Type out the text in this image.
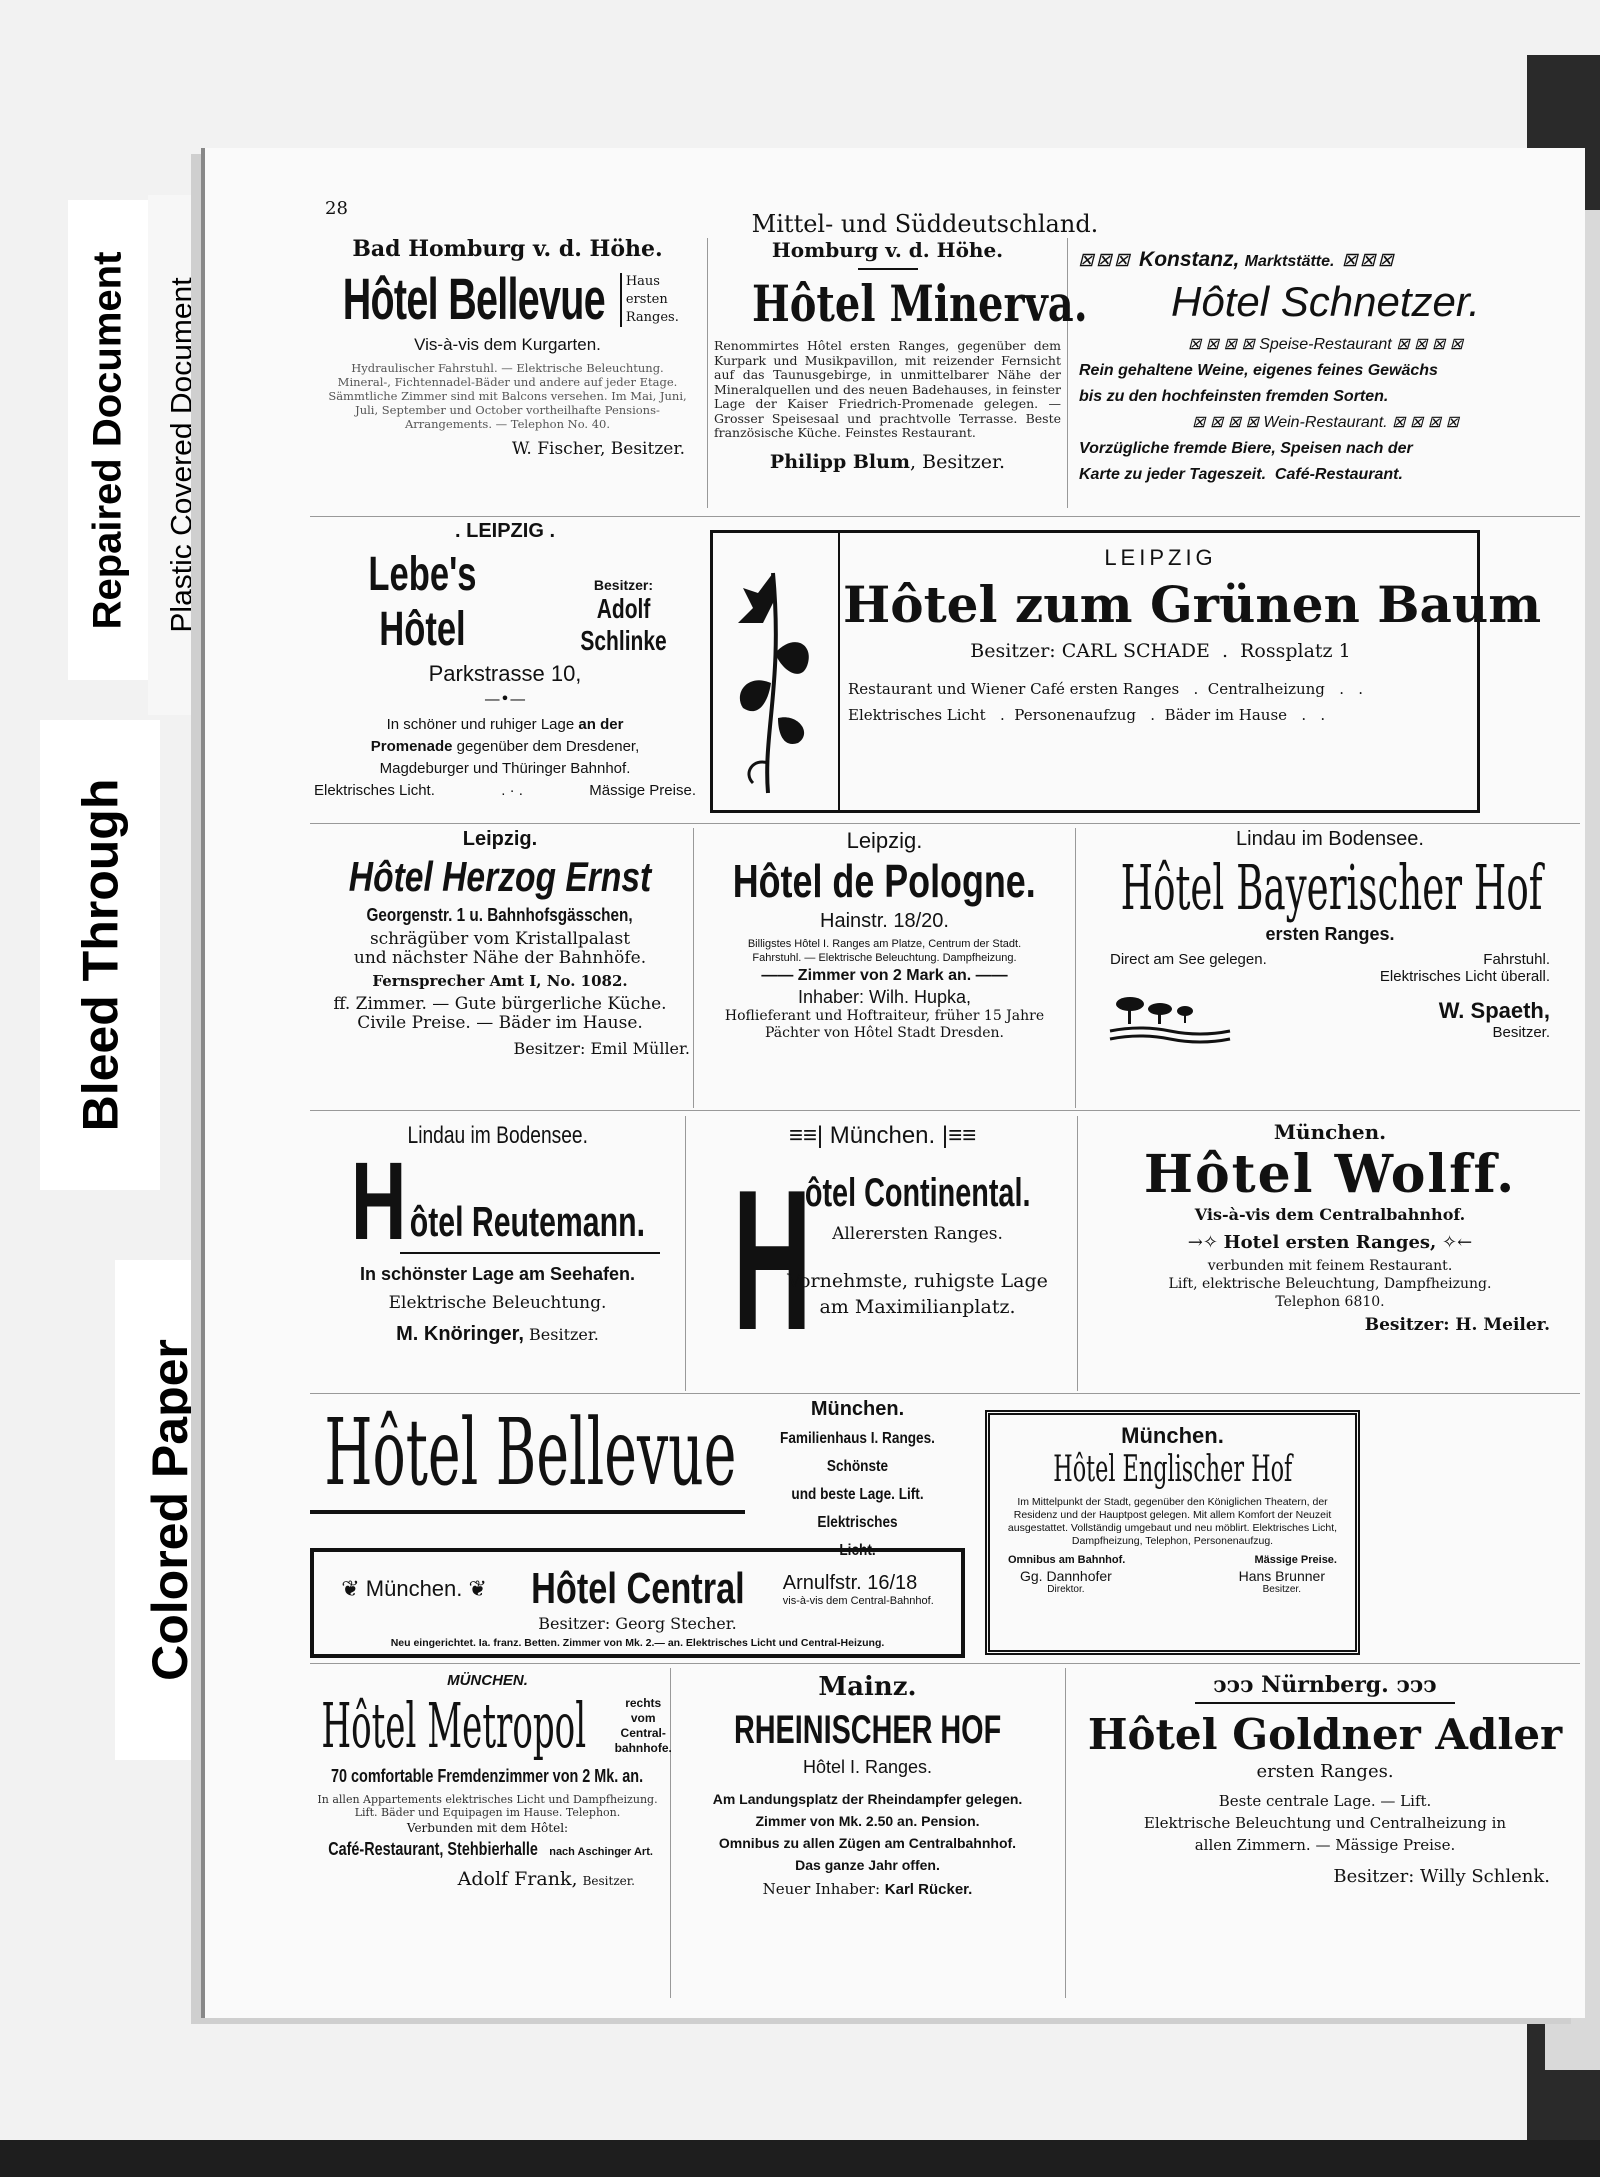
Repaired Document Plastic Covered Document
Bleed Through
Colored Paper
28
Mittel- und Süddeutschland.
Bad Homburg v. d. Höhe.
Hôtel Bellevue Haus
ersten
Ranges.
Vis-à-vis dem Kurgarten.
Hydraulischer Fahrstuhl. — Elektrische Beleuchtung. Mineral-, Fichtennadel-Bäder und andere auf jeder Etage. Sämmtliche Zimmer sind mit Balcons versehen. Im Mai, Juni, Juli, September und October vortheilhafte Pensions-Arrangements. — Telephon No. 40.
W. Fischer, Besitzer.
Homburg v. d. Höhe.
Hôtel Minerva.
Renommirtes Hôtel ersten Ranges, gegenüber dem Kurpark und Musikpavillon, mit reizender Fernsicht auf das Taunusgebirge, in unmittelbarer Nähe der Mineralquellen und des neuen Badehauses, in feinster Lage der Kaiser Friedrich-Promenade gelegen. — Grosser Speisesaal und prachtvolle Terrasse. Beste französische Küche. Feinstes Restaurant.
Philipp Blum, Besitzer.
⊠⊠⊠ Konstanz, Marktstätte. ⊠⊠⊠
Hôtel Schnetzer.
⊠ ⊠ ⊠ ⊠ Speise-Restaurant ⊠ ⊠ ⊠ ⊠
Rein gehaltene Weine, eigenes feines Gewächs
bis zu den hochfeinsten fremden Sorten.
⊠ ⊠ ⊠ ⊠ Wein-Restaurant. ⊠ ⊠ ⊠ ⊠
Vorzügliche fremde Biere, Speisen nach der
Karte zu jeder Tageszeit. Café-Restaurant.
. LEIPZIG .
Lebe's Hôtel
Besitzer:
Adolf Schlinke
Parkstrasse 10,
—•—
In schöner und ruhiger Lage an der
Promenade gegenüber dem Dresdener,
Magdeburger und Thüringer Bahnhof.
Elektrisches Licht.	. · .	Mässige Preise.
LEIPZIG
Hôtel zum Grünen Baum
Besitzer: CARL SCHADE  .  Rossplatz 1
Restaurant und Wiener Café ersten Ranges   .  Centralheizung   .   .
Elektrisches Licht   .  Personenaufzug   .  Bäder im Hause   .   .
Leipzig.
Hôtel Herzog Ernst Georgenstr. 1 u. Bahnhofsgässchen,
schrägüber vom Kristallpalast
und nächster Nähe der Bahnhöfe.
Fernsprecher Amt I, No. 1082.
ff. Zimmer. — Gute bürgerliche Küche.
Civile Preise. — Bäder im Hause.
Besitzer: Emil Müller.
Leipzig.
Hôtel de Pologne.
Hainstr. 18/20.
Billigstes Hôtel I. Ranges am Platze, Centrum der Stadt.
Fahrstuhl. — Elektrische Beleuchtung. Dampfheizung.
—— Zimmer von 2 Mark an. ——
Inhaber: Wilh. Hupka,
Hoflieferant und Hoftraiteur, früher 15 Jahre
Pächter von Hôtel Stadt Dresden.
Lindau im Bodensee.
Hôtel Bayerischer Hof
ersten Ranges.
Direct am See gelegen.	Fahrstuhl.
Elektrisches Licht überall.
W. Spaeth,
Besitzer.
Lindau im Bodensee.
H ôtel Reutemann.
In schönster Lage am Seehafen.
Elektrische Beleuchtung.
M. Knöringer, Besitzer.
≡≡| München. |≡≡
H
ôtel Continental.
Allerersten Ranges.
Vornehmste, ruhigste Lage
am Maximilianplatz.
München.
Hôtel Wolff.
Vis-à-vis dem Centralbahnhof.
→✧ Hotel ersten Ranges, ✧←
verbunden mit feinem Restaurant.
Lift, elektrische Beleuchtung, Dampfheizung.
Telephon 6810.
Besitzer: H. Meiler.
Hôtel Bellevue	München.
Familienhaus I. Ranges. Schönste
und beste Lage. Lift. Elektrisches
~~~~~ Licht. ~~~~~
❦ München. ❦ Hôtel Central Arnulfstr. 16/18
vis-à-vis dem Central-Bahnhof.
Besitzer: Georg Stecher.
Neu eingerichtet. Ia. franz. Betten. Zimmer von Mk. 2.— an. Elektrisches Licht und Central-Heizung.
München.
Hôtel Englischer Hof
Im Mittelpunkt der Stadt, gegenüber den Königlichen Theatern, der Residenz und der Hauptpost gelegen. Mit allem Komfort der Neuzeit ausgestattet. Vollständig umgebaut und neu möblirt. Elektrisches Licht, Dampfheizung, Telephon, Personenaufzug.
Omnibus am Bahnhof.	Mässige Preise.
Gg. Dannhofer
Direktor.
Hans Brunner
Besitzer.
MÜNCHEN.
Hôtel Metropol	rechts
vom
Central-
bahnhofe.
70 comfortable Fremdenzimmer von 2 Mk. an.
In allen Appartements elektrisches Licht und Dampfheizung. Lift. Bäder und Equipagen im Hause. Telephon.
Verbunden mit dem Hôtel:
Café-Restaurant, Stehbierhalle nach Aschinger Art.
Adolf Frank, Besitzer.
Mainz.
RHEINISCHER HOF
Hôtel I. Ranges.
Am Landungsplatz der Rheindampfer gelegen.
Zimmer von Mk. 2.50 an. Pension.
Omnibus zu allen Zügen am Centralbahnhof.
Das ganze Jahr offen.
Neuer Inhaber: Karl Rücker.
ↄↄↄ Nürnberg. ↄↄↄ
Hôtel Goldner Adler
ersten Ranges.
Beste centrale Lage. — Lift.
Elektrische Beleuchtung und Centralheizung in
allen Zimmern. — Mässige Preise.
Besitzer: Willy Schlenk.
